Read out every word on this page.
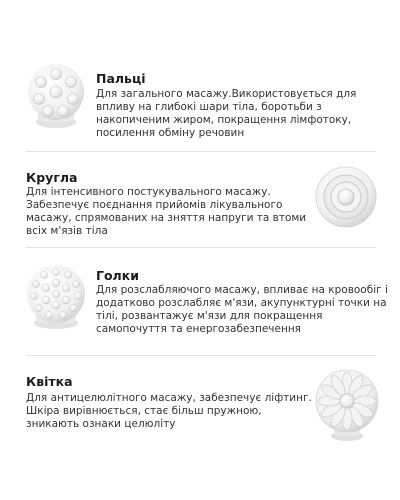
Пальці
Для загального масажу.Використовується для
впливу на глибокі шари тіла, боротьби з
накопиченим жиром, покращення лімфотоку,
посилення обміну речовин
Кругла
Для інтенсивного постукувального масажу.
Забезпечує поєднання прийомів лікувального
масажу, спрямованих на зняття напруги та втоми
всіх м'язів тіла
Голки
Для розслабляючого масажу, впливає на кровообіг і
додатково розслабляє м'язи, акупунктурні точки на
тілі, розвантажує м'язи для покращення
самопочуття та енергозабезпечення
Квітка
Для антицелюлітного масажу, забезпечує ліфтинг.
Шкіра вирівнюється, стає більш пружною,
зникають ознаки целюліту
